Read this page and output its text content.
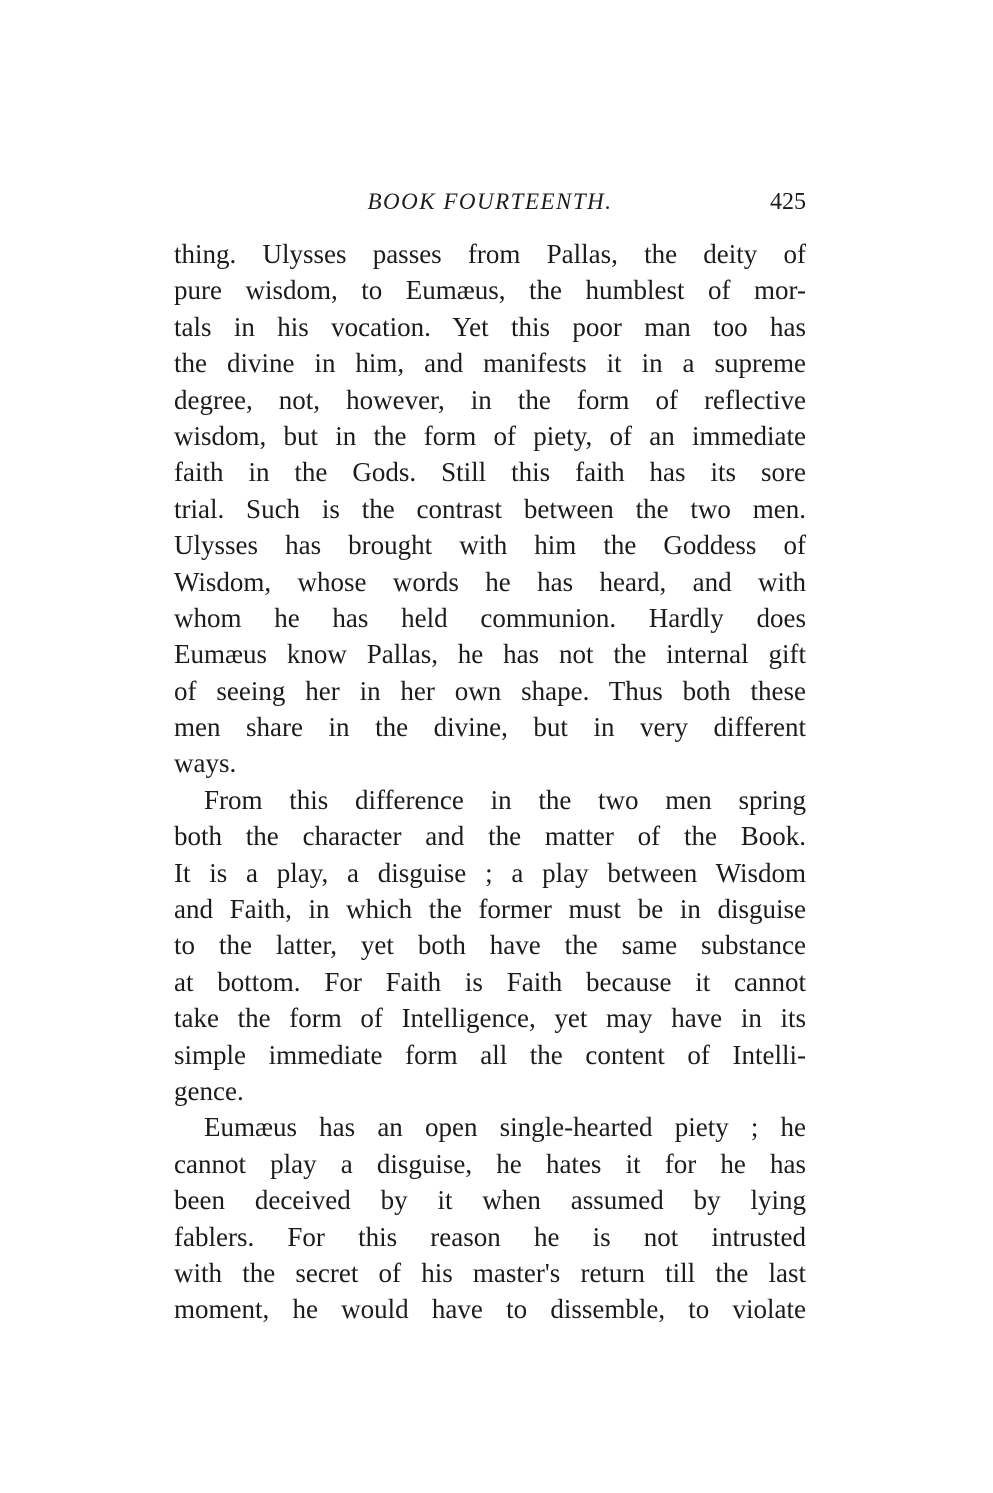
BOOK FOURTEENTH.	425
thing. Ulysses passes from Pallas, the deity of
pure wisdom, to Eumæus, the humblest of mor-
tals in his vocation. Yet this poor man too has
the divine in him, and manifests it in a supreme
degree, not, however, in the form of reflective
wisdom, but in the form of piety, of an immediate
faith in the Gods. Still this faith has its sore
trial. Such is the contrast between the two men.
Ulysses has brought with him the Goddess of
Wisdom, whose words he has heard, and with
whom he has held communion. Hardly does
Eumæus know Pallas, he has not the internal gift
of seeing her in her own shape. Thus both these
men share in the divine, but in very different
ways.
From this difference in the two men spring
both the character and the matter of the Book.
It is a play, a disguise ; a play between Wisdom
and Faith, in which the former must be in disguise
to the latter, yet both have the same substance
at bottom. For Faith is Faith because it cannot
take the form of Intelligence, yet may have in its
simple immediate form all the content of Intelli-
gence.
Eumæus has an open single-hearted piety ; he
cannot play a disguise, he hates it for he has
been deceived by it when assumed by lying
fablers. For this reason he is not intrusted
with the secret of his master's return till the last
moment, he would have to dissemble, to violate
